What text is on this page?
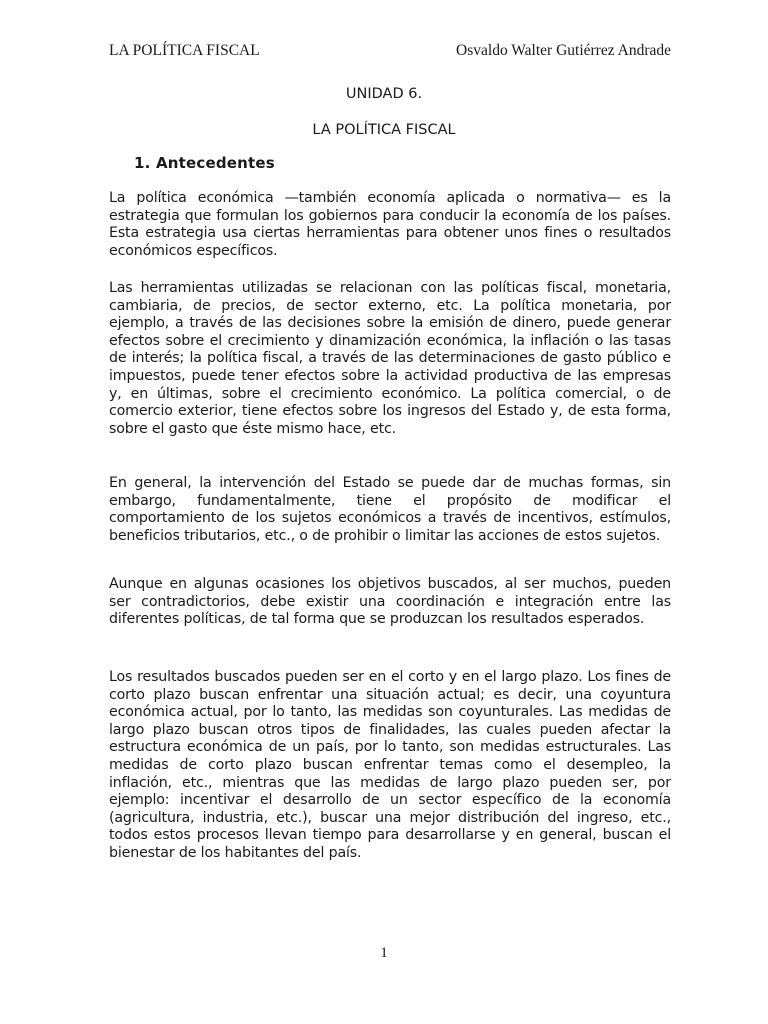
LA POLÍTICA FISCAL	Osvaldo Walter Gutiérrez Andrade
UNIDAD 6.
LA POLÍTICA FISCAL
1. Antecedentes

La política económica —también economía aplicada o normativa— es la estrategia que formulan los gobiernos para conducir la economía de los países. Esta estrategia usa ciertas herramientas para obtener unos fines o resultados económicos específicos.

Las herramientas utilizadas se relacionan con las políticas fiscal, monetaria, cambiaria, de precios, de sector externo, etc. La política monetaria, por ejemplo, a través de las decisiones sobre la emisión de dinero, puede generar efectos sobre el crecimiento y dinamización económica, la inflación o las tasas de interés; la política fiscal, a través de las determinaciones de gasto público e impuestos, puede tener efectos sobre la actividad productiva de las empresas y, en últimas, sobre el crecimiento económico. La política comercial, o de comercio exterior, tiene efectos sobre los ingresos del Estado y, de esta forma, sobre el gasto que éste mismo hace, etc.

En general, la intervención del Estado se puede dar de muchas formas, sin embargo, fundamentalmente, tiene el propósito de modificar el comportamiento de los sujetos económicos a través de incentivos, estímulos, beneficios tributarios, etc., o de prohibir o limitar las acciones de estos sujetos.

Aunque en algunas ocasiones los objetivos buscados, al ser muchos, pueden ser contradictorios, debe existir una coordinación e integración entre las diferentes políticas, de tal forma que se produzcan los resultados esperados.

Los resultados buscados pueden ser en el corto y en el largo plazo. Los fines de corto plazo buscan enfrentar una situación actual; es decir, una coyuntura económica actual, por lo tanto, las medidas son coyunturales. Las medidas de largo plazo buscan otros tipos de finalidades, las cuales pueden afectar la estructura económica de un país, por lo tanto, son medidas estructurales. Las medidas de corto plazo buscan enfrentar temas como el desempleo, la inflación, etc., mientras que las medidas de largo plazo pueden ser, por ejemplo: incentivar el desarrollo de un sector específico de la economía (agricultura, industria, etc.), buscar una mejor distribución del ingreso, etc., todos estos procesos llevan tiempo para desarrollarse y en general, buscan el bienestar de los habitantes del país.

1
